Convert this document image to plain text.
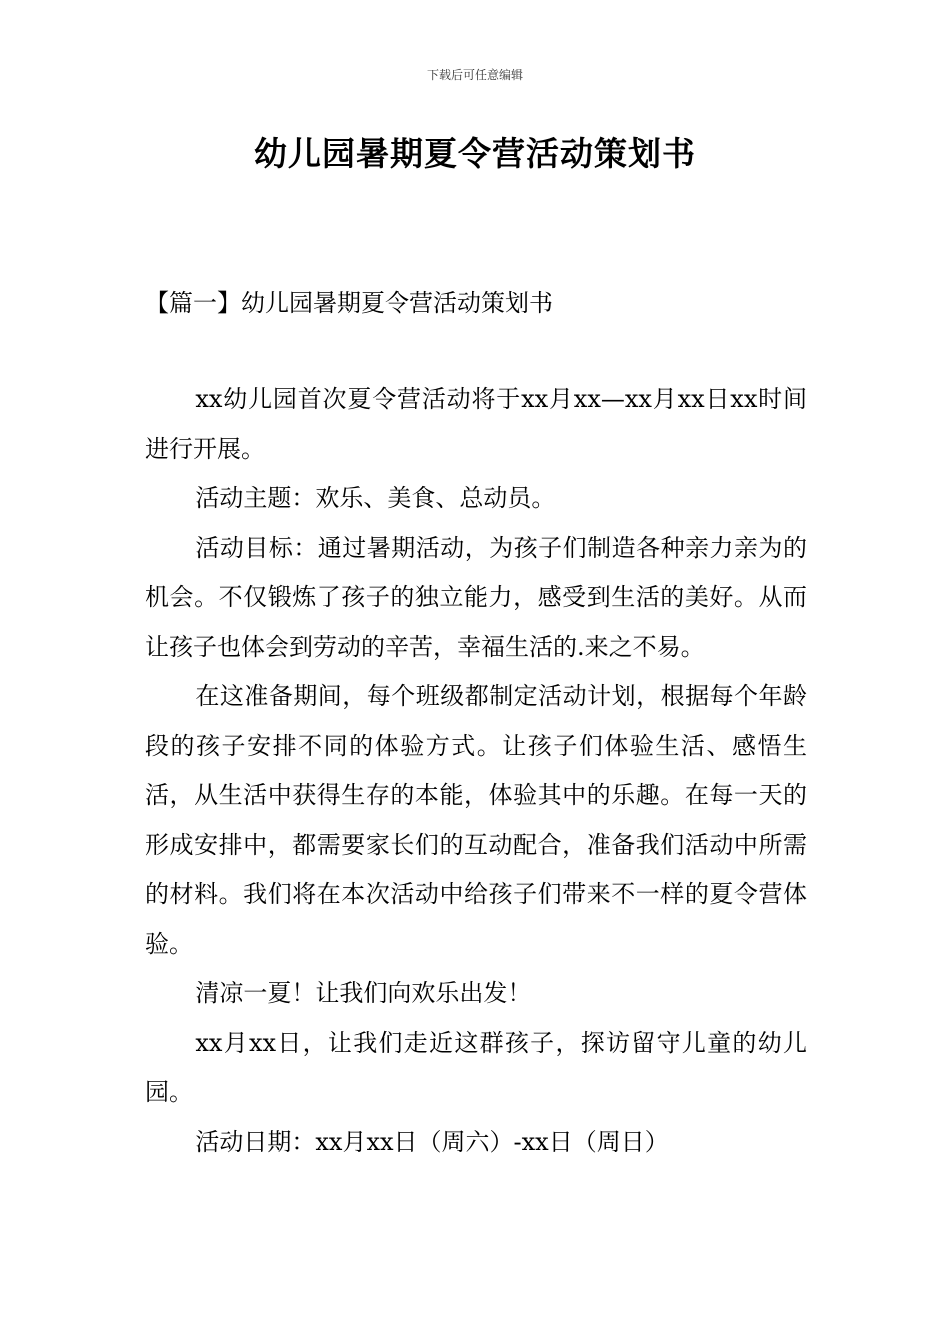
下载后可任意编辑
幼儿园暑期夏令营活动策划书
【篇一】幼儿园暑期夏令营活动策划书

xx幼儿园首次夏令营活动将于xx月xx—xx月xx日xx时间进行开展。

活动主题：欢乐、美食、总动员。

活动目标：通过暑期活动，为孩子们制造各种亲力亲为的机会。不仅锻炼了孩子的独立能力，感受到生活的美好。从而让孩子也体会到劳动的辛苦，幸福生活的.来之不易。

在这准备期间，每个班级都制定活动计划，根据每个年龄段的孩子安排不同的体验方式。让孩子们体验生活、感悟生活，从生活中获得生存的本能，体验其中的乐趣。在每一天的形成安排中，都需要家长们的互动配合，准备我们活动中所需的材料。我们将在本次活动中给孩子们带来不一样的夏令营体验。

清凉一夏！让我们向欢乐出发！

xx月xx日，让我们走近这群孩子，探访留守儿童的幼儿园。

活动日期：xx月xx日（周六）-xx日（周日）
